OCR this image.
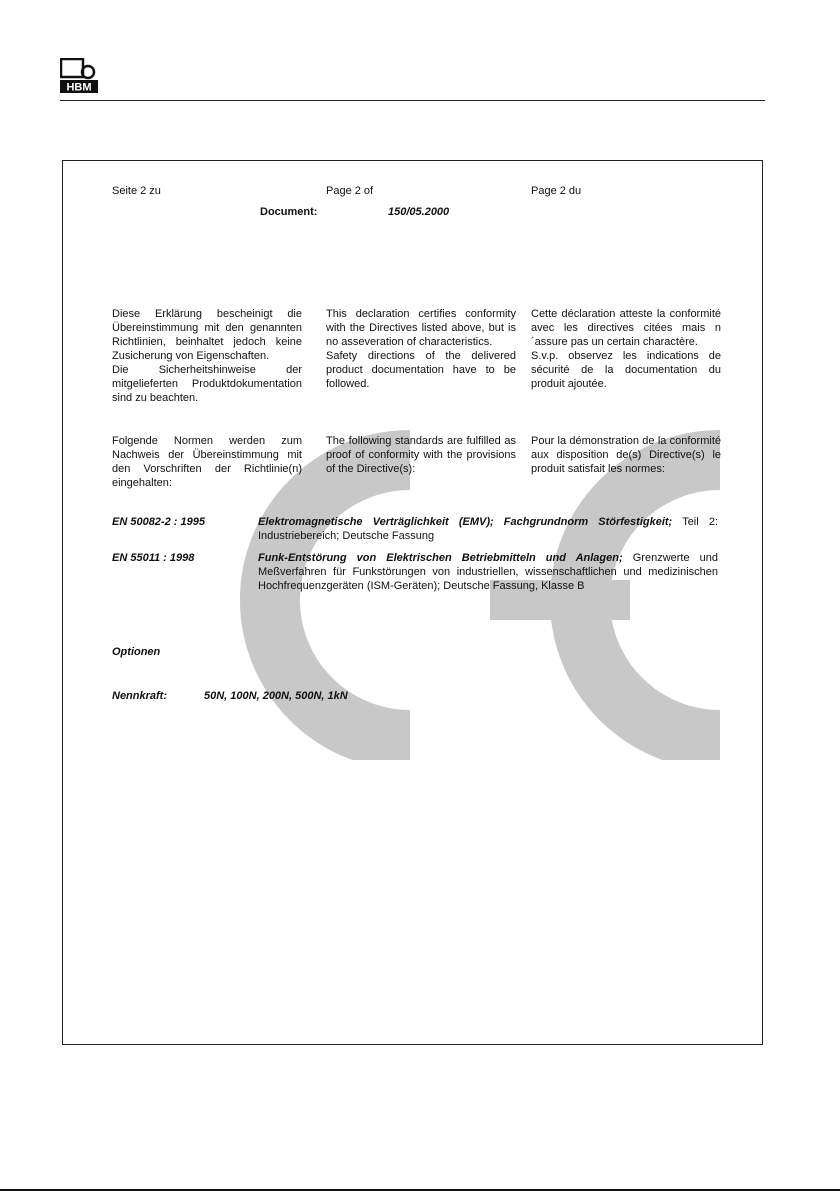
HBM
Seite 2 zu	Page 2 of	Page 2 du
Document:	150/05.2000

Diese Erklärung bescheinigt die Übereinstimmung mit den genannten Richtlinien, beinhaltet jedoch keine Zusicherung von Eigenschaften.

Die Sicherheitshinweise der mitgelieferten Produktdokumentation sind zu beachten.

This declaration certifies conformity with the Directives listed above, but is no asseveration of characteristics.

Safety directions of the delivered product documentation have to be followed.

Cette déclaration atteste la conformité avec les directives citées mais n´assure pas un certain charactère.

S.v.p. observez les indications de sécurité de la documentation du produit ajoutée.

Folgende Normen werden zum Nachweis der Übereinstimmung mit den Vorschriften der Richtlinie(n) eingehalten:
The following standards are fulfilled as proof of conformity with the provisions of the Directive(s):
Pour la démonstration de la conformité aux disposition de(s) Directive(s) le produit satisfait les normes:
EN 50082-2 : 1995	Elektromagnetische Verträglichkeit (EMV); Fachgrundnorm Störfestigkeit; Teil 2: Industriebereich; Deutsche Fassung
EN 55011 : 1998	Funk-Entstörung von Elektrischen Betriebmitteln und Anlagen; Grenzwerte und Meßverfahren für Funkstörungen von industriellen, wissenschaftlichen und medizinischen Hochfrequenzgeräten (ISM-Geräten); Deutsche Fassung, Klasse B
Optionen
Nennkraft:	50N, 100N, 200N, 500N, 1kN
